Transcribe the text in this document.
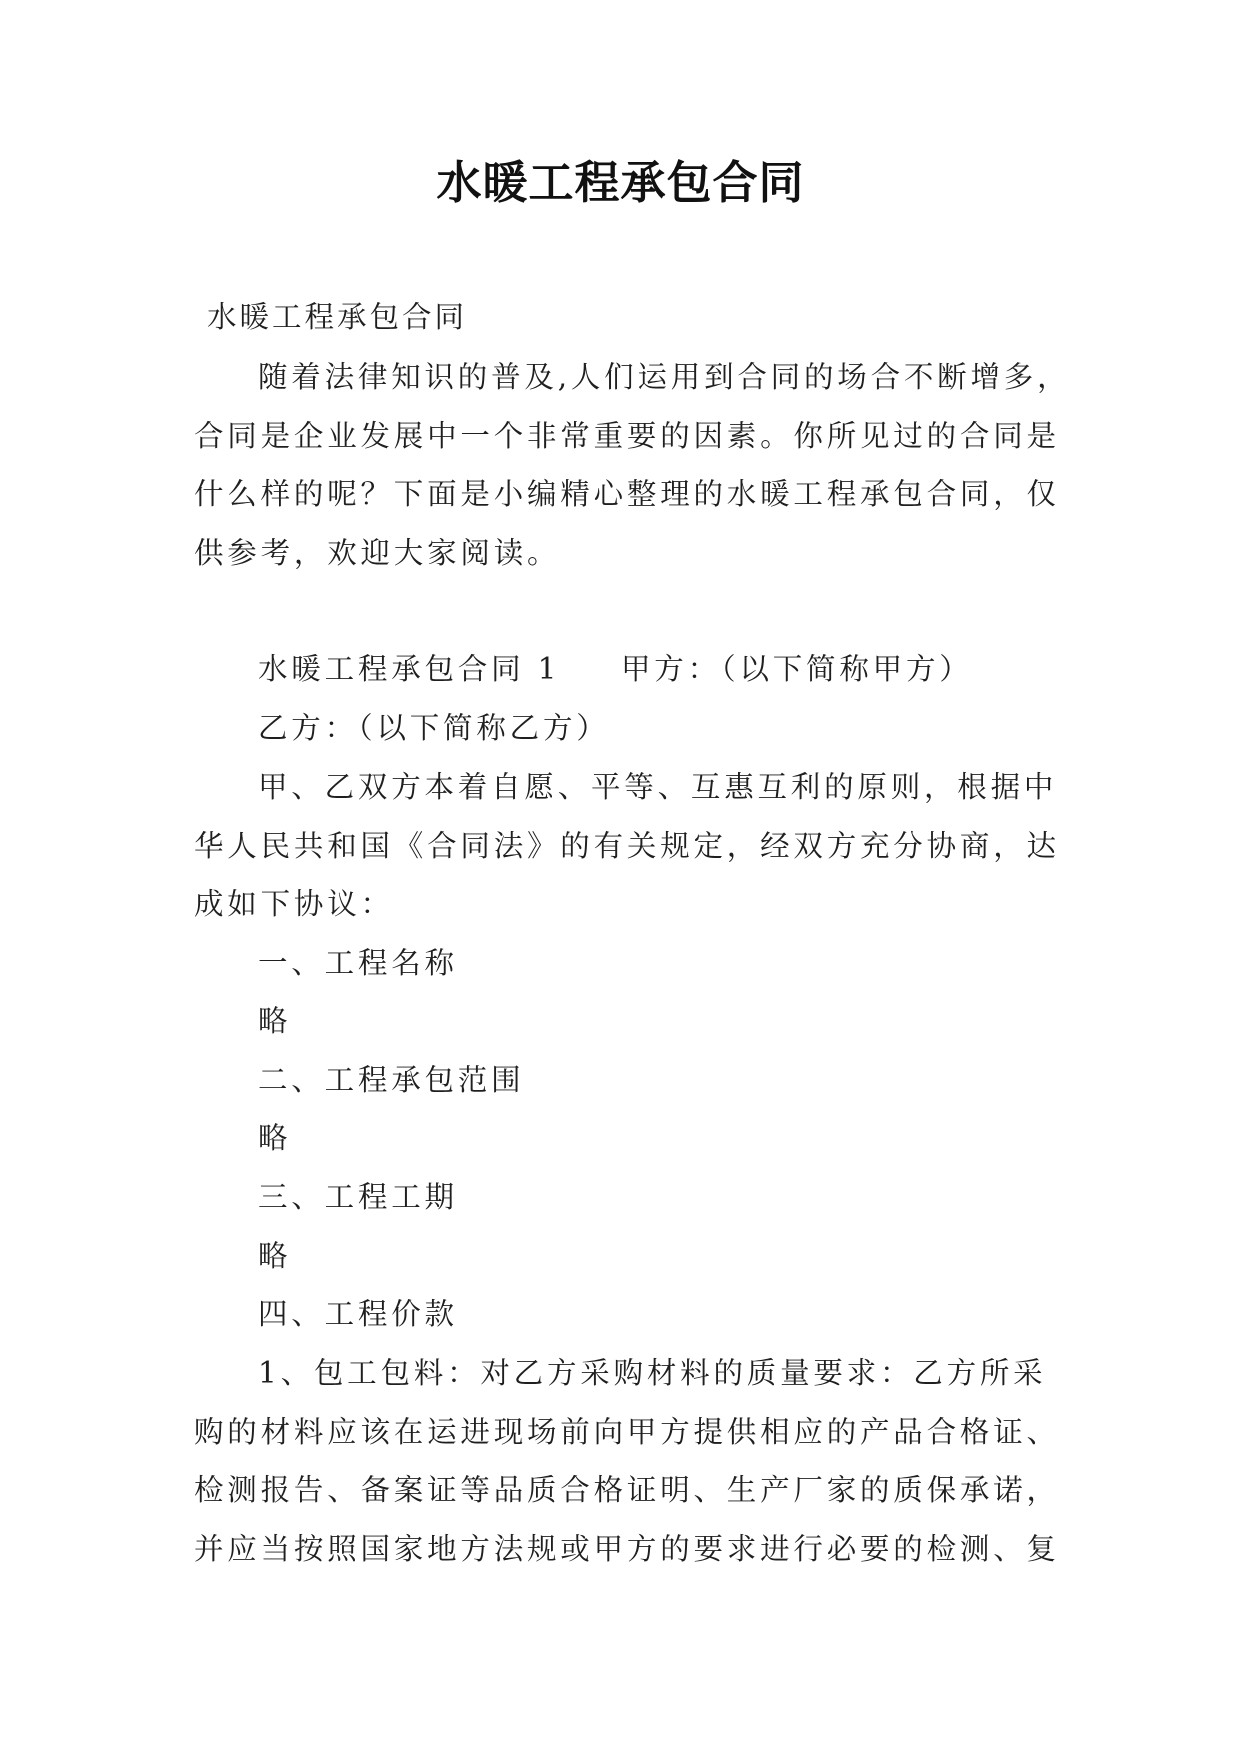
水暖工程承包合同
水暖工程承包合同
随着法律知识的普及,人们运用到合同的场合不断增多，
合同是企业发展中一个非常重要的因素。你所见过的合同是
什么样的呢？下面是小编精心整理的水暖工程承包合同，仅
供参考，欢迎大家阅读。
水暖工程承包合同 1 甲方：（以下简称甲方）
乙方：（以下简称乙方）
甲、乙双方本着自愿、平等、互惠互利的原则，根据中
华人民共和国《合同法》的有关规定，经双方充分协商，达
成如下协议：
一、工程名称
略
二、工程承包范围
略
三、工程工期
略
四、工程价款
1、包工包料：对乙方采购材料的质量要求：乙方所采
购的材料应该在运进现场前向甲方提供相应的产品合格证、
检测报告、备案证等品质合格证明、生产厂家的质保承诺，
并应当按照国家地方法规或甲方的要求进行必要的检测、复
